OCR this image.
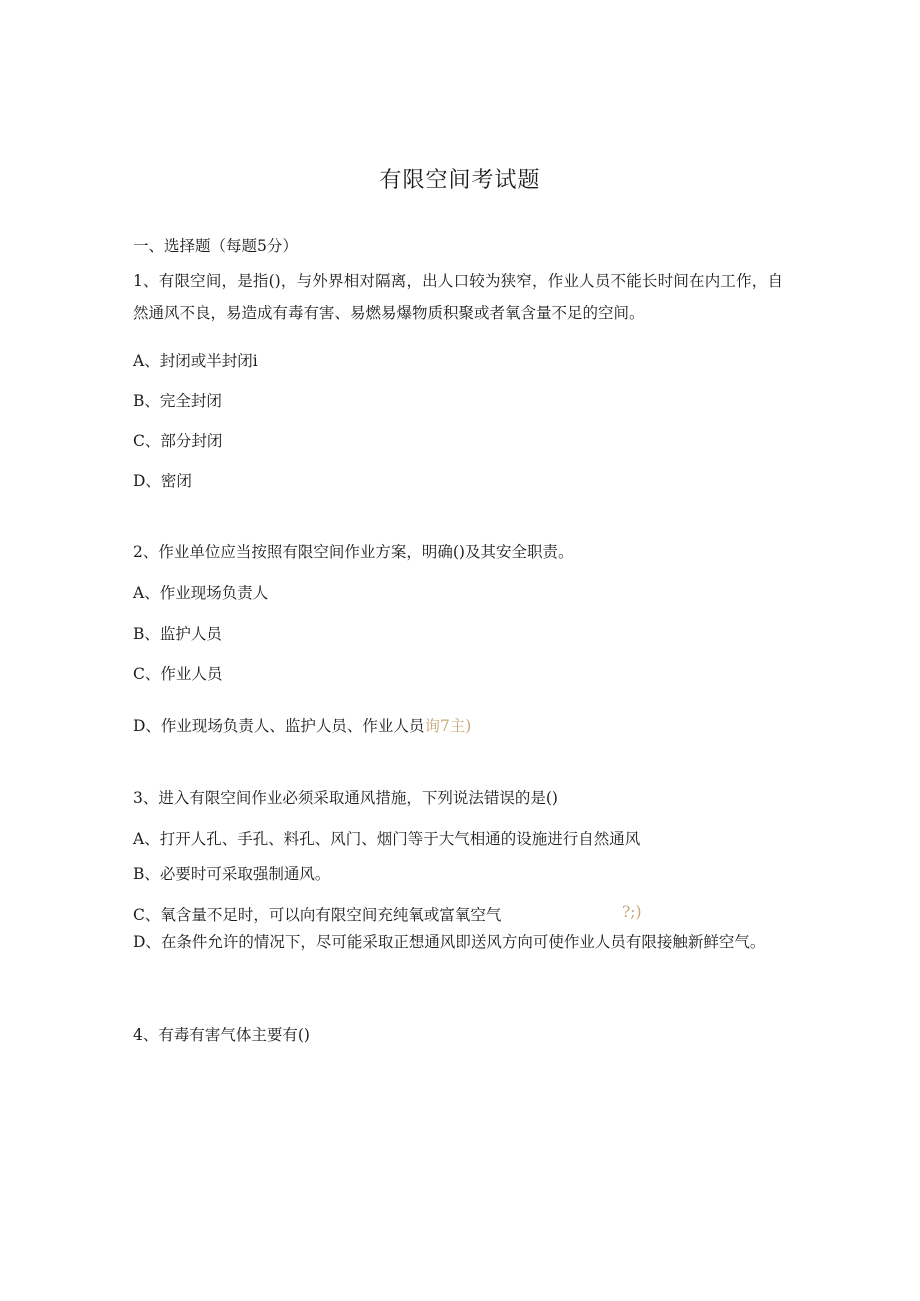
有限空间考试题
一、选择题（每题5分）
1、有限空间，是指()，与外界相对隔离，出人口较为狭窄，作业人员不能长时间在内工作，自然通风不良，易造成有毒有害、易燃易爆物质积聚或者氧含量不足的空间。
A、封闭或半封闭i
B、完全封闭
C、部分封闭
D、密闭
2、作业单位应当按照有限空间作业方案，明确()及其安全职责。
A、作业现场负责人
B、监护人员
C、作业人员
D、作业现场负责人、监护人员、作业人员询7主)
3、进入有限空间作业必须采取通风措施，下列说法错误的是()
A、打开人孔、手孔、料孔、风门、烟门等于大气相通的设施进行自然通风
B、必要时可采取强制通风。
C、氧含量不足时，可以向有限空间充纯氧或富氧空气	?;)
D、在条件允许的情况下，尽可能采取正想通风即送风方向可使作业人员有限接触新鲜空气。
4、有毒有害气体主要有()
